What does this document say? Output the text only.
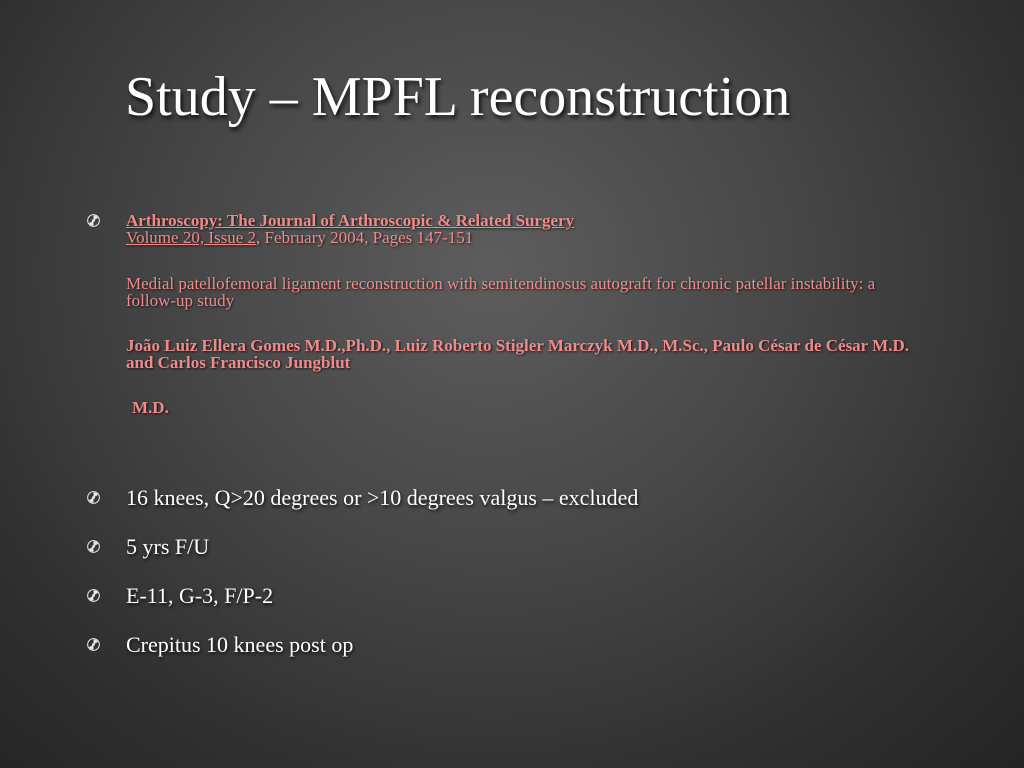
Study – MPFL reconstruction
Arthroscopy: The Journal of Arthroscopic & Related Surgery
Volume 20, Issue 2, February 2004, Pages 147-151
Medial patellofemoral ligament reconstruction with semitendinosus autograft for chronic patellar instability: a follow-up study
João Luiz Ellera Gomes M.D.,Ph.D., Luiz Roberto Stigler Marczyk M.D., M.Sc., Paulo César de César M.D. and Carlos Francisco Jungblut
M.D.
16 knees, Q>20 degrees or >10 degrees valgus – excluded
5 yrs F/U
E-11, G-3, F/P-2
Crepitus 10 knees post op
